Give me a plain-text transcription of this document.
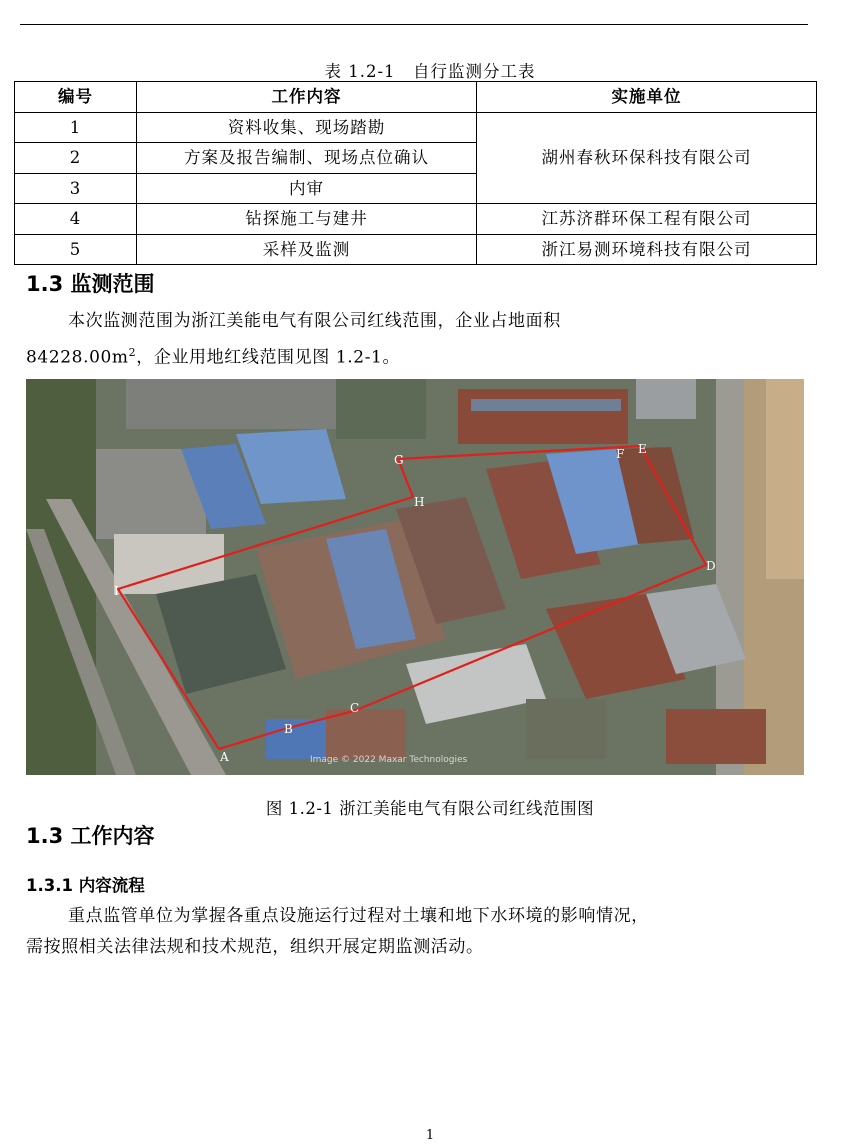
表 1.2-1　自行监测分工表
编号	工作内容	实施单位
1	资料收集、现场踏勘	湖州春秋环保科技有限公司
2	方案及报告编制、现场点位确认	
3	内审	
4	钻探施工与建井	江苏济群环保工程有限公司
5	采样及监测	浙江易测环境科技有限公司
1.3 监测范围
本次监测范围为浙江美能电气有限公司红线范围，企业占地面积
$84228.00m^2$，企业用地红线范围见图 1.2-1。
A
B
C
D
E
F
G
H
I
Image © 2022 Maxar Technologies
图 1.2-1 浙江美能电气有限公司红线范围图
1.3 工作内容
1.3.1 内容流程
重点监管单位为掌握各重点设施运行过程对土壤和地下水环境的影响情况，
需按照相关法律法规和技术规范，组织开展定期监测活动。
1
